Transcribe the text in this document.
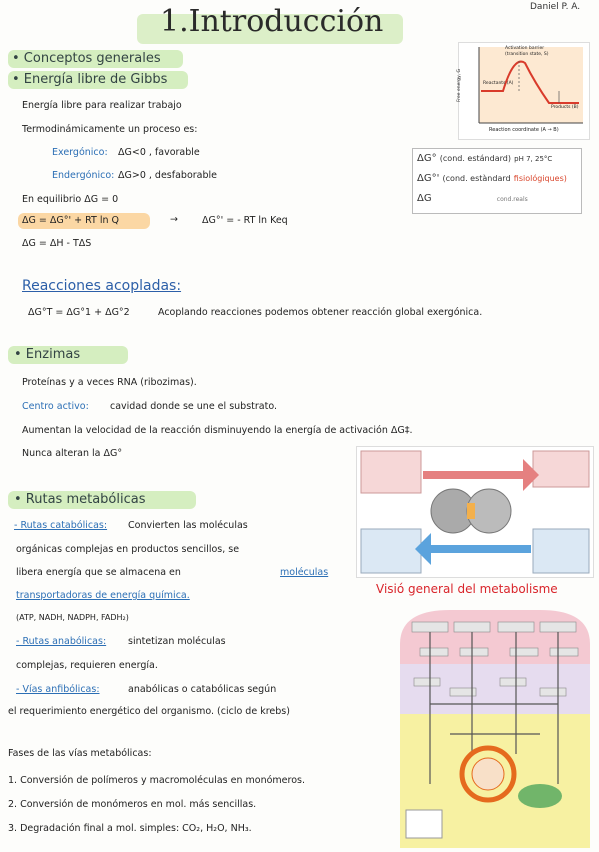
1.Introducción	Daniel P. A.
• Conceptos generales
• Energía libre de Gibbs
Activation barrier (transition state, S)
Reactants (A)
Products (B)
Reaction coordinate (A → B)
Free energy, G
Energía libre para realizar trabajo
Termodinámicamente un proceso es:
Exergónico: ΔG<0 , favorable
Endergónico: ΔG>0 , desfaborable
En equilibrio ΔG = 0
ΔG = ΔG°' + RT ln Q	→	ΔG°' = - RT ln Keq
ΔG = ΔH - TΔS
ΔG° (cond. estándard) pH 7, 25°C
ΔG°' (cond. estàndard fisiológiques)
ΔG	cond.reals
Reacciones acopladas:
ΔG°T = ΔG°1 + ΔG°2	Acoplando reacciones podemos obtener reacción global exergónica.
• Enzimas
Proteínas y a veces RNA (ribozimas).
Centro activo: cavidad donde se une el substrato.
Aumentan la velocidad de la reacción disminuyendo la energía de activación ΔG‡.
Nunca alteran la ΔG°
Visió general del metabolisme
• Rutas metabólicas
- Rutas catabólicas: Convierten las moléculas
orgánicas complejas en productos sencillos, se
libera energía que se almacena en	moléculas
transportadoras de energía química.
(ATP, NADH, NADPH, FADH₂)
- Rutas anabólicas: sintetizan moléculas
complejas, requieren energía.
- Vías anfibólicas:	anabólicas o catabólicas según
el requerimiento energético del organismo. (ciclo de krebs)
Fases de las vías metabólicas:
1. Conversión de polímeros y macromoléculas en monómeros.
2. Conversión de monómeros en mol. más sencillas.
3. Degradación final a mol. simples: CO₂, H₂O, NH₃.
